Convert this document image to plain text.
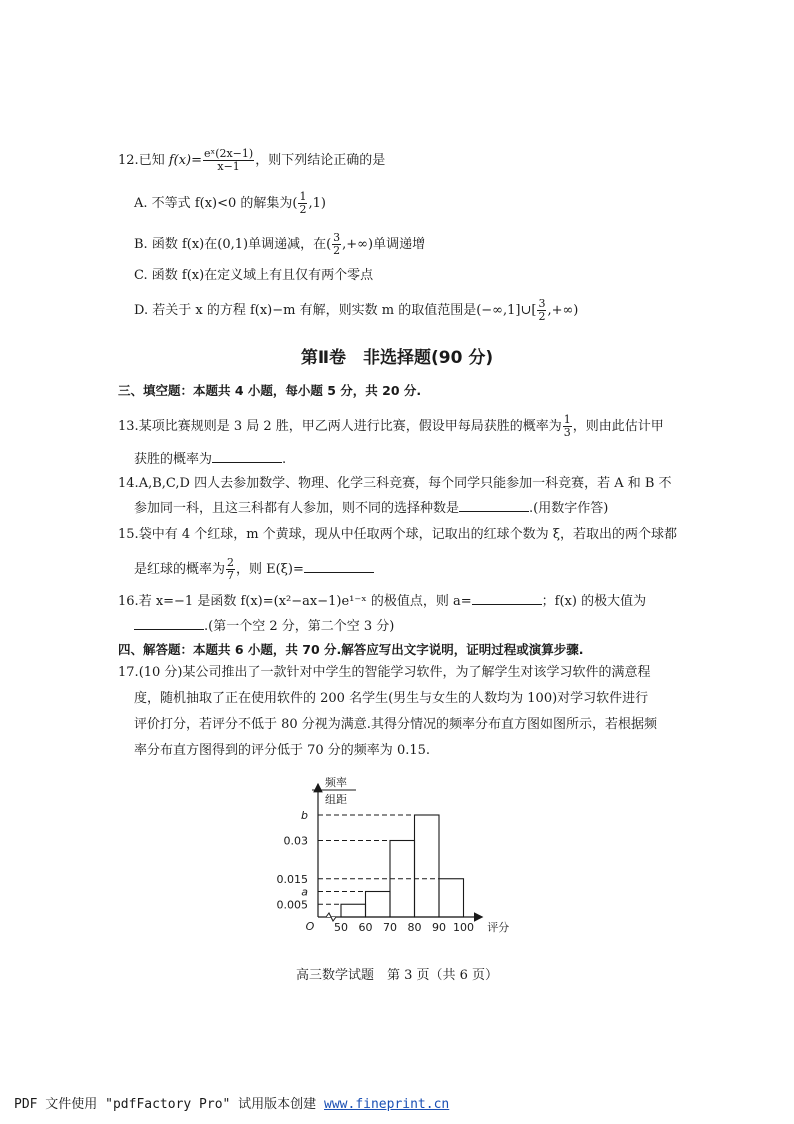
12.已知 $f(x)= \frac{\text{eˣ(2x−1)}}{x-1}$ ，则下列结论正确的是
A. 不等式 f(x)<0 的解集为( $\frac{1}{2} ,1$)
B. 函数 f(x)在(0,1)单调递减，在( $\frac{3}{2}$ ,+∞)单调递增
C. 函数 f(x)在定义域上有且仅有两个零点
D. 若关于 x 的方程 f(x)−m 有解，则实数 m 的取值范围是(−∞,1]∪[ $\frac{3}{2}$ ,+∞)
第Ⅱ卷　非选择题(90 分)
三、填空题：本题共 4 小题，每小题 5 分，共 20 分.
13.某项比赛规则是 3 局 2 胜，甲乙两人进行比赛，假设甲每局获胜的概率为 $\frac{1}{3}$ ，则由此估计甲
获胜的概率为	.
14.A,B,C,D 四人去参加数学、物理、化学三科竞赛，每个同学只能参加一科竞赛，若 A 和 B 不
参加同一科，且这三科都有人参加，则不同的选择种数是	.(用数字作答)
15.袋中有 4 个红球，m 个黄球，现从中任取两个球，记取出的红球个数为 ξ，若取出的两个球都
是红球的概率为 $\frac{2}{7}$ ，则 E(ξ)=
16.若 x=−1 是函数 f(x)=(x²−ax−1)e¹⁻ˣ 的极值点，则 a=	；f(x) 的极大值为
.(第一个空 2 分，第二个空 3 分)
四、解答题：本题共 6 小题，共 70 分.解答应写出文字说明，证明过程或演算步骤.
17.(10 分)某公司推出了一款针对中学生的智能学习软件，为了解学生对该学习软件的满意程
度，随机抽取了正在使用软件的 200 名学生(男生与女生的人数均为 100)对学习软件进行
评价打分，若评分不低于 80 分视为满意.其得分情况的频率分布直方图如图所示，若根据频
率分布直方图得到的评分低于 70 分的频率为 0.15.
频率
组距
O	评分
50 60 70 80 90 100
b
0.03
0.015
a
0.005
高三数学试题　第 3 页（共 6 页）
PDF 文件使用 "pdfFactory Pro" 试用版本创建 www.fineprint.cn
